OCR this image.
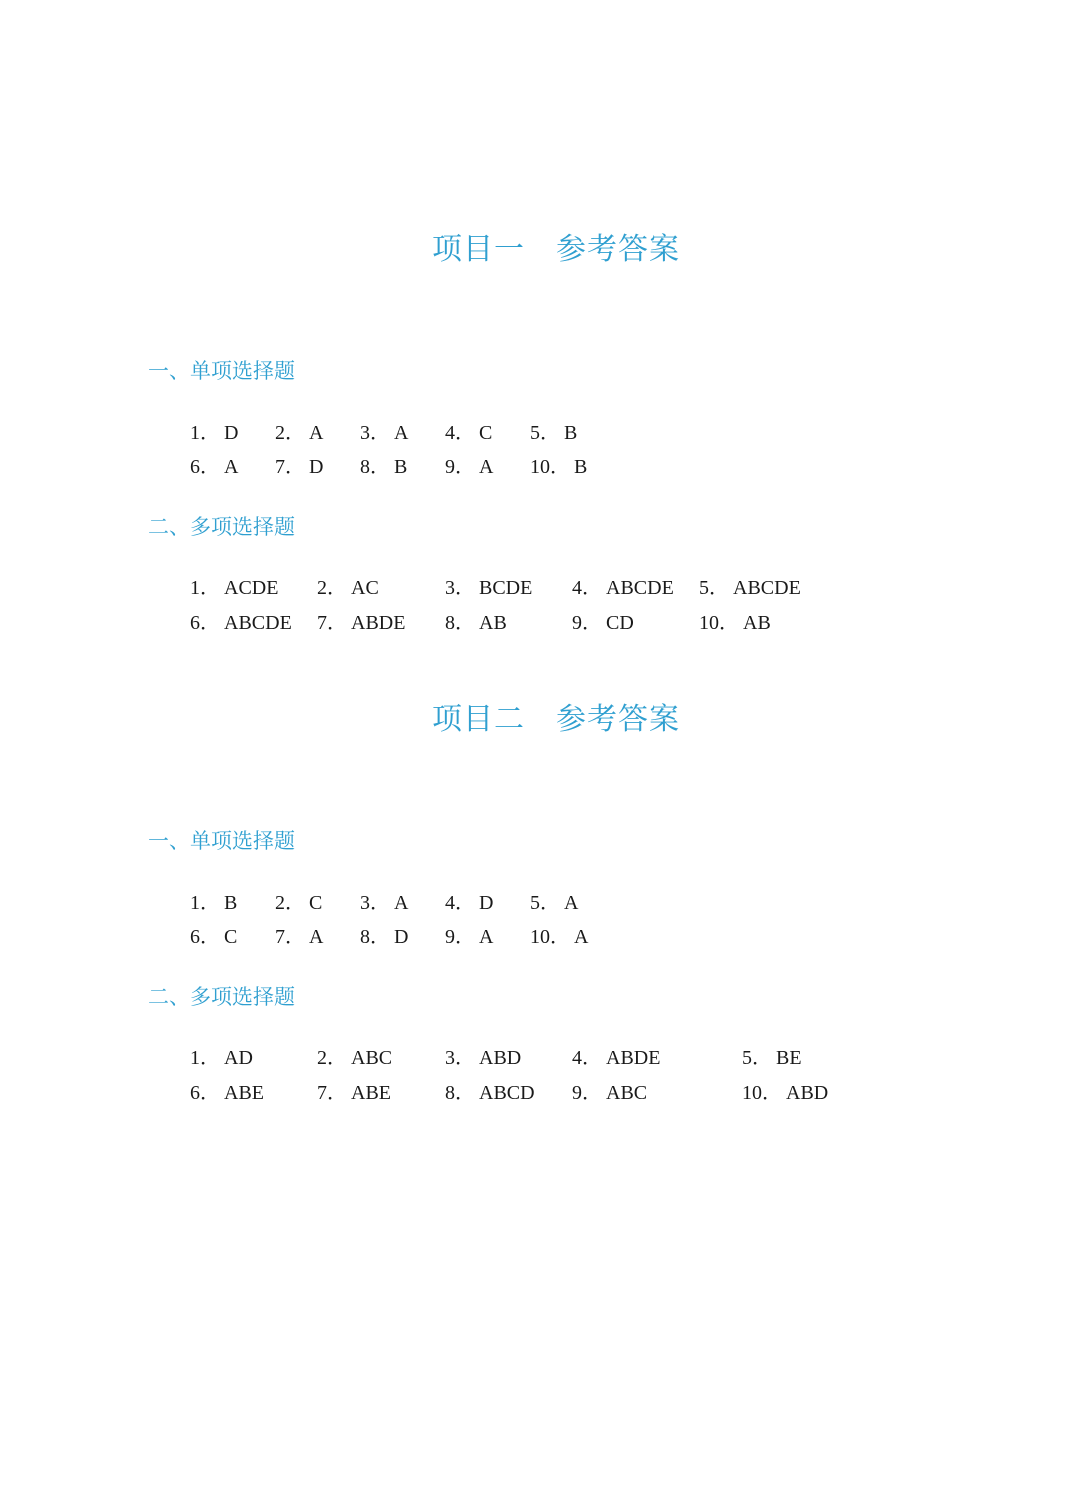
项目一　参考答案
一、单项选择题
1． D 2． A 3． A 4． C 5． B
6． A 7． D 8． B 9． A 10． B
二、多项选择题
1． ACDE 2． AC	3． BCDE 4． ABCDE 5． ABCDE
6． ABCDE 7． ABDE 8． AB	9． CD	10． AB
项目二　参考答案
一、单项选择题
1． B 2． C 3． A 4． D 5． A
6． C 7． A 8． D 9． A 10． A
二、多项选择题
1． AD	2． ABC	3． ABD	4． ABDE	5． BE
6． ABE	7． ABE	8． ABCD 9． ABC	10． ABD
